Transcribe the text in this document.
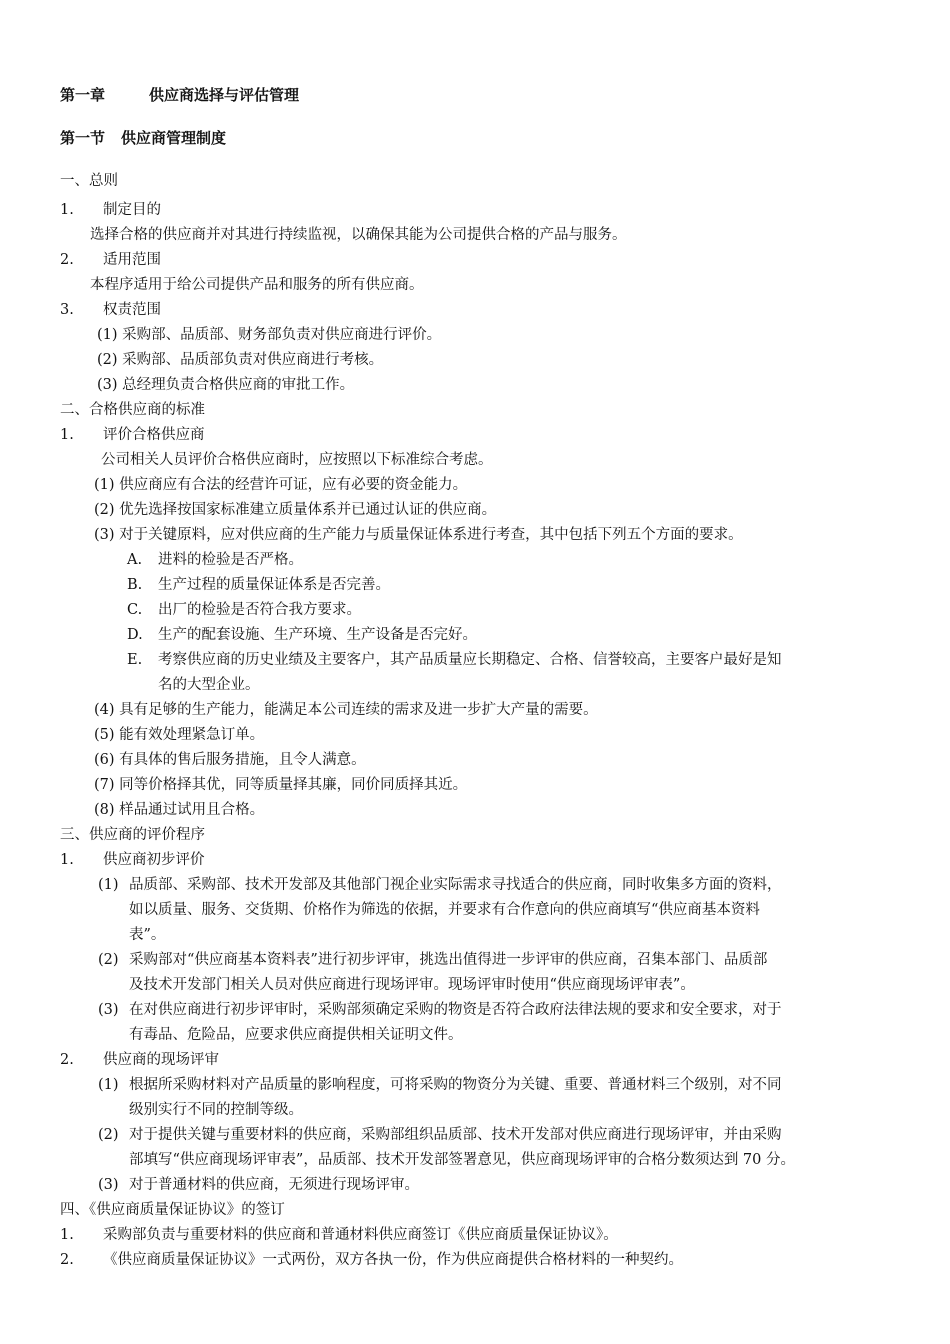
第一章	供应商选择与评估管理
第一节 供应商管理制度
一、总则
1. 制定目的
选择合格的供应商并对其进行持续监视，以确保其能为公司提供合格的产品与服务。
2. 适用范围
本程序适用于给公司提供产品和服务的所有供应商。
3. 权责范围
(1) 采购部、品质部、财务部负责对供应商进行评价。
(2) 采购部、品质部负责对供应商进行考核。
(3) 总经理负责合格供应商的审批工作。
二、合格供应商的标准
1. 评价合格供应商
公司相关人员评价合格供应商时，应按照以下标准综合考虑。
(1) 供应商应有合法的经营许可证，应有必要的资金能力。
(2) 优先选择按国家标准建立质量体系并已通过认证的供应商。
(3) 对于关键原料，应对供应商的生产能力与质量保证体系进行考查，其中包括下列五个方面的要求。
A. 进料的检验是否严格。
B. 生产过程的质量保证体系是否完善。
C. 出厂的检验是否符合我方要求。
D. 生产的配套设施、生产环境、生产设备是否完好。
E. 考察供应商的历史业绩及主要客户，其产品质量应长期稳定、合格、信誉较高，主要客户最好是知
名的大型企业。
(4) 具有足够的生产能力，能满足本公司连续的需求及进一步扩大产量的需要。
(5) 能有效处理紧急订单。
(6) 有具体的售后服务措施，且令人满意。
(7) 同等价格择其优，同等质量择其廉，同价同质择其近。
(8) 样品通过试用且合格。
三、供应商的评价程序
1. 供应商初步评价
(1) 品质部、采购部、技术开发部及其他部门视企业实际需求寻找适合的供应商，同时收集多方面的资料，
如以质量、服务、交货期、价格作为筛选的依据，并要求有合作意向的供应商填写“供应商基本资料
表”。
(2) 采购部对“供应商基本资料表”进行初步评审，挑选出值得进一步评审的供应商，召集本部门、品质部
及技术开发部门相关人员对供应商进行现场评审。现场评审时使用“供应商现场评审表”。
(3) 在对供应商进行初步评审时，采购部须确定采购的物资是否符合政府法律法规的要求和安全要求，对于
有毒品、危险品，应要求供应商提供相关证明文件。
2. 供应商的现场评审
(1) 根据所采购材料对产品质量的影响程度，可将采购的物资分为关键、重要、普通材料三个级别，对不同
级别实行不同的控制等级。
(2) 对于提供关键与重要材料的供应商，采购部组织品质部、技术开发部对供应商进行现场评审，并由采购
部填写“供应商现场评审表”，品质部、技术开发部签署意见，供应商现场评审的合格分数须达到 70 分。
(3) 对于普通材料的供应商，无须进行现场评审。
四、《供应商质量保证协议》的签订
1. 采购部负责与重要材料的供应商和普通材料供应商签订《供应商质量保证协议》。
2. 《供应商质量保证协议》一式两份，双方各执一份，作为供应商提供合格材料的一种契约。
